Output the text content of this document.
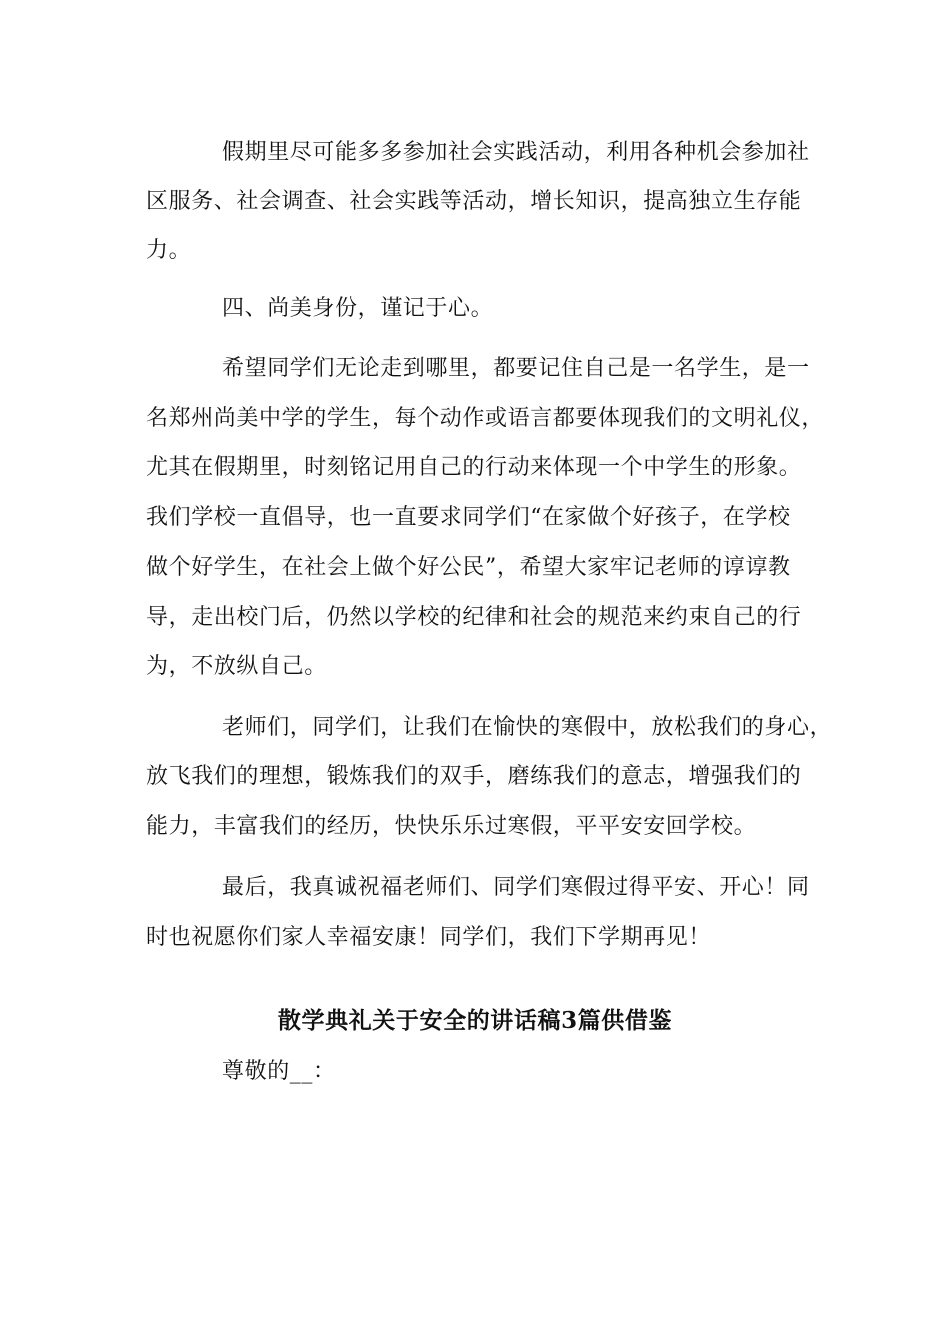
假期里尽可能多多参加社会实践活动，利用各种机会参加社
区服务、社会调查、社会实践等活动，增长知识，提高独立生存能
力。
四、尚美身份，谨记于心。
希望同学们无论走到哪里，都要记住自己是一名学生，是一
名郑州尚美中学的学生，每个动作或语言都要体现我们的文明礼仪，
尤其在假期里，时刻铭记用自己的行动来体现一个中学生的形象。
我们学校一直倡导，也一直要求同学们“在家做个好孩子，在学校
做个好学生，在社会上做个好公民”，希望大家牢记老师的谆谆教
导，走出校门后，仍然以学校的纪律和社会的规范来约束自己的行
为，不放纵自己。
老师们，同学们，让我们在愉快的寒假中，放松我们的身心，
放飞我们的理想，锻炼我们的双手，磨练我们的意志，增强我们的
能力，丰富我们的经历，快快乐乐过寒假，平平安安回学校。
最后，我真诚祝福老师们、同学们寒假过得平安、开心！同
时也祝愿你们家人幸福安康！同学们，我们下学期再见！
散学典礼关于安全的讲话稿3篇供借鉴
尊敬的__：
